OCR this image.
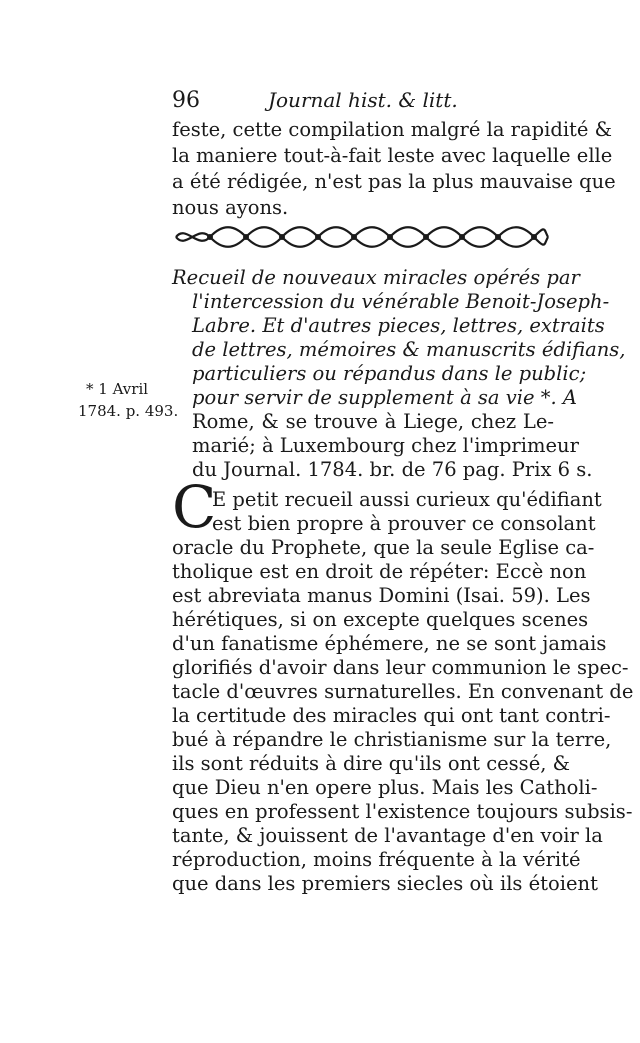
96	Journal hist. & litt.
feste, cette compilation malgré la rapidité &
la maniere tout-à-fait leste avec laquelle elle
a été rédigée, n'est pas la plus mauvaise que
nous ayons.
Recueil de nouveaux miracles opérés par
l'intercession du vénérable Benoit-Joseph-
Labre. Et d'autres pieces, lettres, extraits
de lettres, mémoires & manuscrits édifians,
particuliers ou répandus dans le public;
pour servir de supplement à sa vie *. A
Rome, & se trouve à Liege, chez Le-
marié; à Luxembourg chez l'imprimeur
du Journal. 1784. br. de 76 pag. Prix 6 s.
* 1 Avril
1784. p. 493.
C
E petit recueil aussi curieux qu'édifiant
est bien propre à prouver ce consolant
oracle du Prophete, que la seule Eglise ca-
tholique est en droit de répéter: Eccè non
est abreviata manus Domini (Isai. 59). Les
hérétiques, si on excepte quelques scenes
d'un fanatisme éphémere, ne se sont jamais
glorifiés d'avoir dans leur communion le spec-
tacle d'œuvres surnaturelles. En convenant de
la certitude des miracles qui ont tant contri-
bué à répandre le christianisme sur la terre,
ils sont réduits à dire qu'ils ont cessé, &
que Dieu n'en opere plus. Mais les Catholi-
ques en professent l'existence toujours subsis-
tante, & jouissent de l'avantage d'en voir la
réproduction, moins fréquente à la vérité
que dans les premiers siecles où ils étoient
